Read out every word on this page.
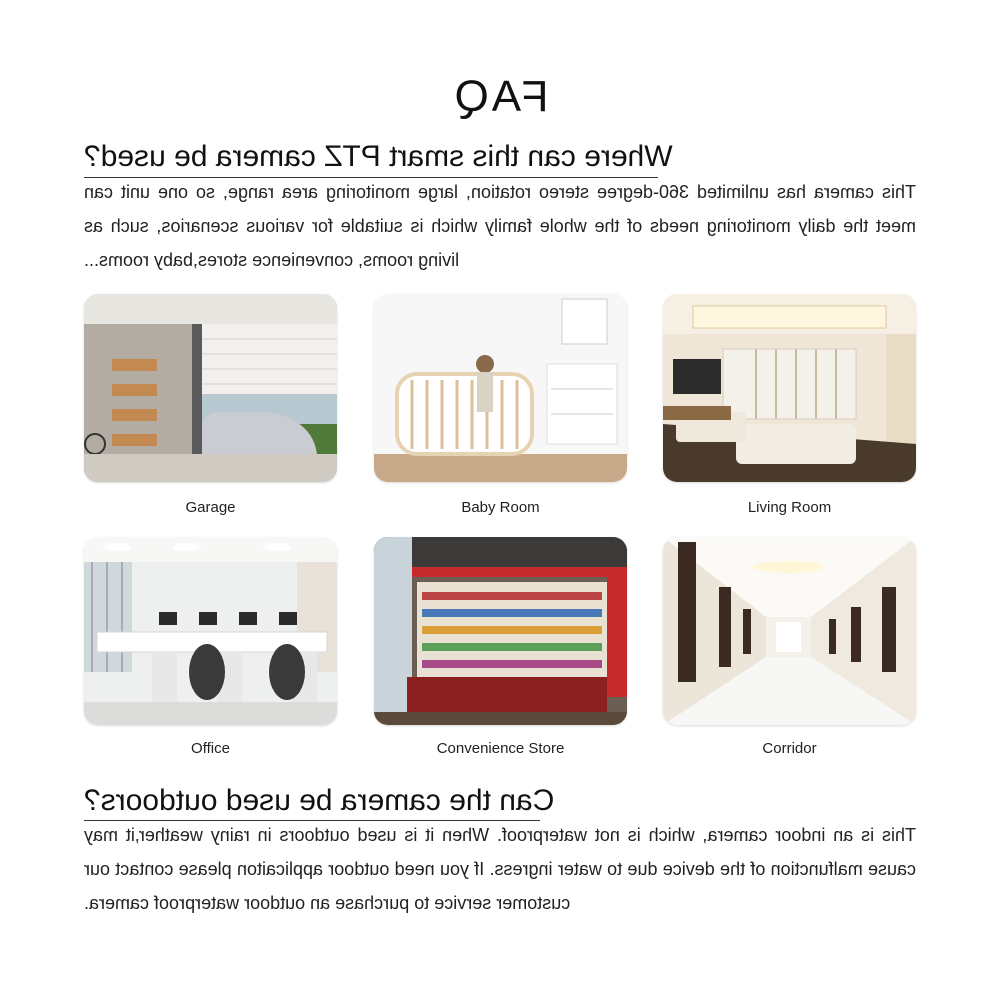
FAQ
Where can this smart PTZ camera be used?
This camera has unlimited 360-degree stereo rotation, large monitoring area range, so one unit can meet the daily monitoring needs of the whole family which is suitable for various scenarios, such as living rooms, convenience stores,baby rooms...
Living Room
Baby Room
Garage
Corridor
Convenience Store
Office
Can the camera be used outdoors?
This is an indoor camera, which is not waterproof. When it is used outdoors in rainy weather,it may cause malfunction of the device due to water ingress. If you need outdoor applicaiton please contact our customer service to purchase an outdoor waterproof camera.
